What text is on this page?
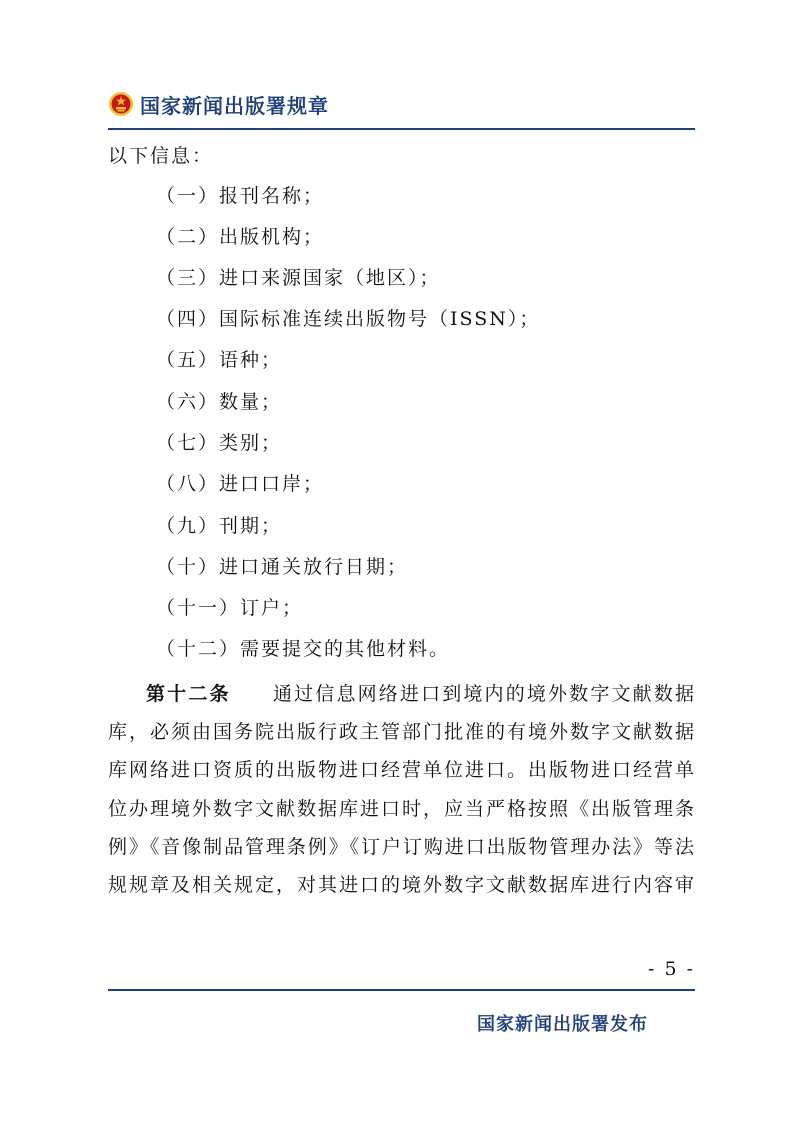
国家新闻出版署规章
以下信息：
（一）报刊名称；
（二）出版机构；
（三）进口来源国家（地区）；
（四）国际标准连续出版物号（ISSN）；
（五）语种；
（六）数量；
（七）类别；
（八）进口口岸；
（九）刊期；
（十）进口通关放行日期；
（十一）订户；
（十二）需要提交的其他材料。
第十二条　　 通过信息网络进口到境内的境外数字文献数据
库，必须由国务院出版行政主管部门批准的有境外数字文献数据
库网络进口资质的出版物进口经营单位进口。出版物进口经营单
位办理境外数字文献数据库进口时，应当严格按照《出版管理条
例》《音像制品管理条例》《订户订购进口出版物管理办法》等法
规规章及相关规定，对其进口的境外数字文献数据库进行内容审
- 5 -
国家新闻出版署发布
